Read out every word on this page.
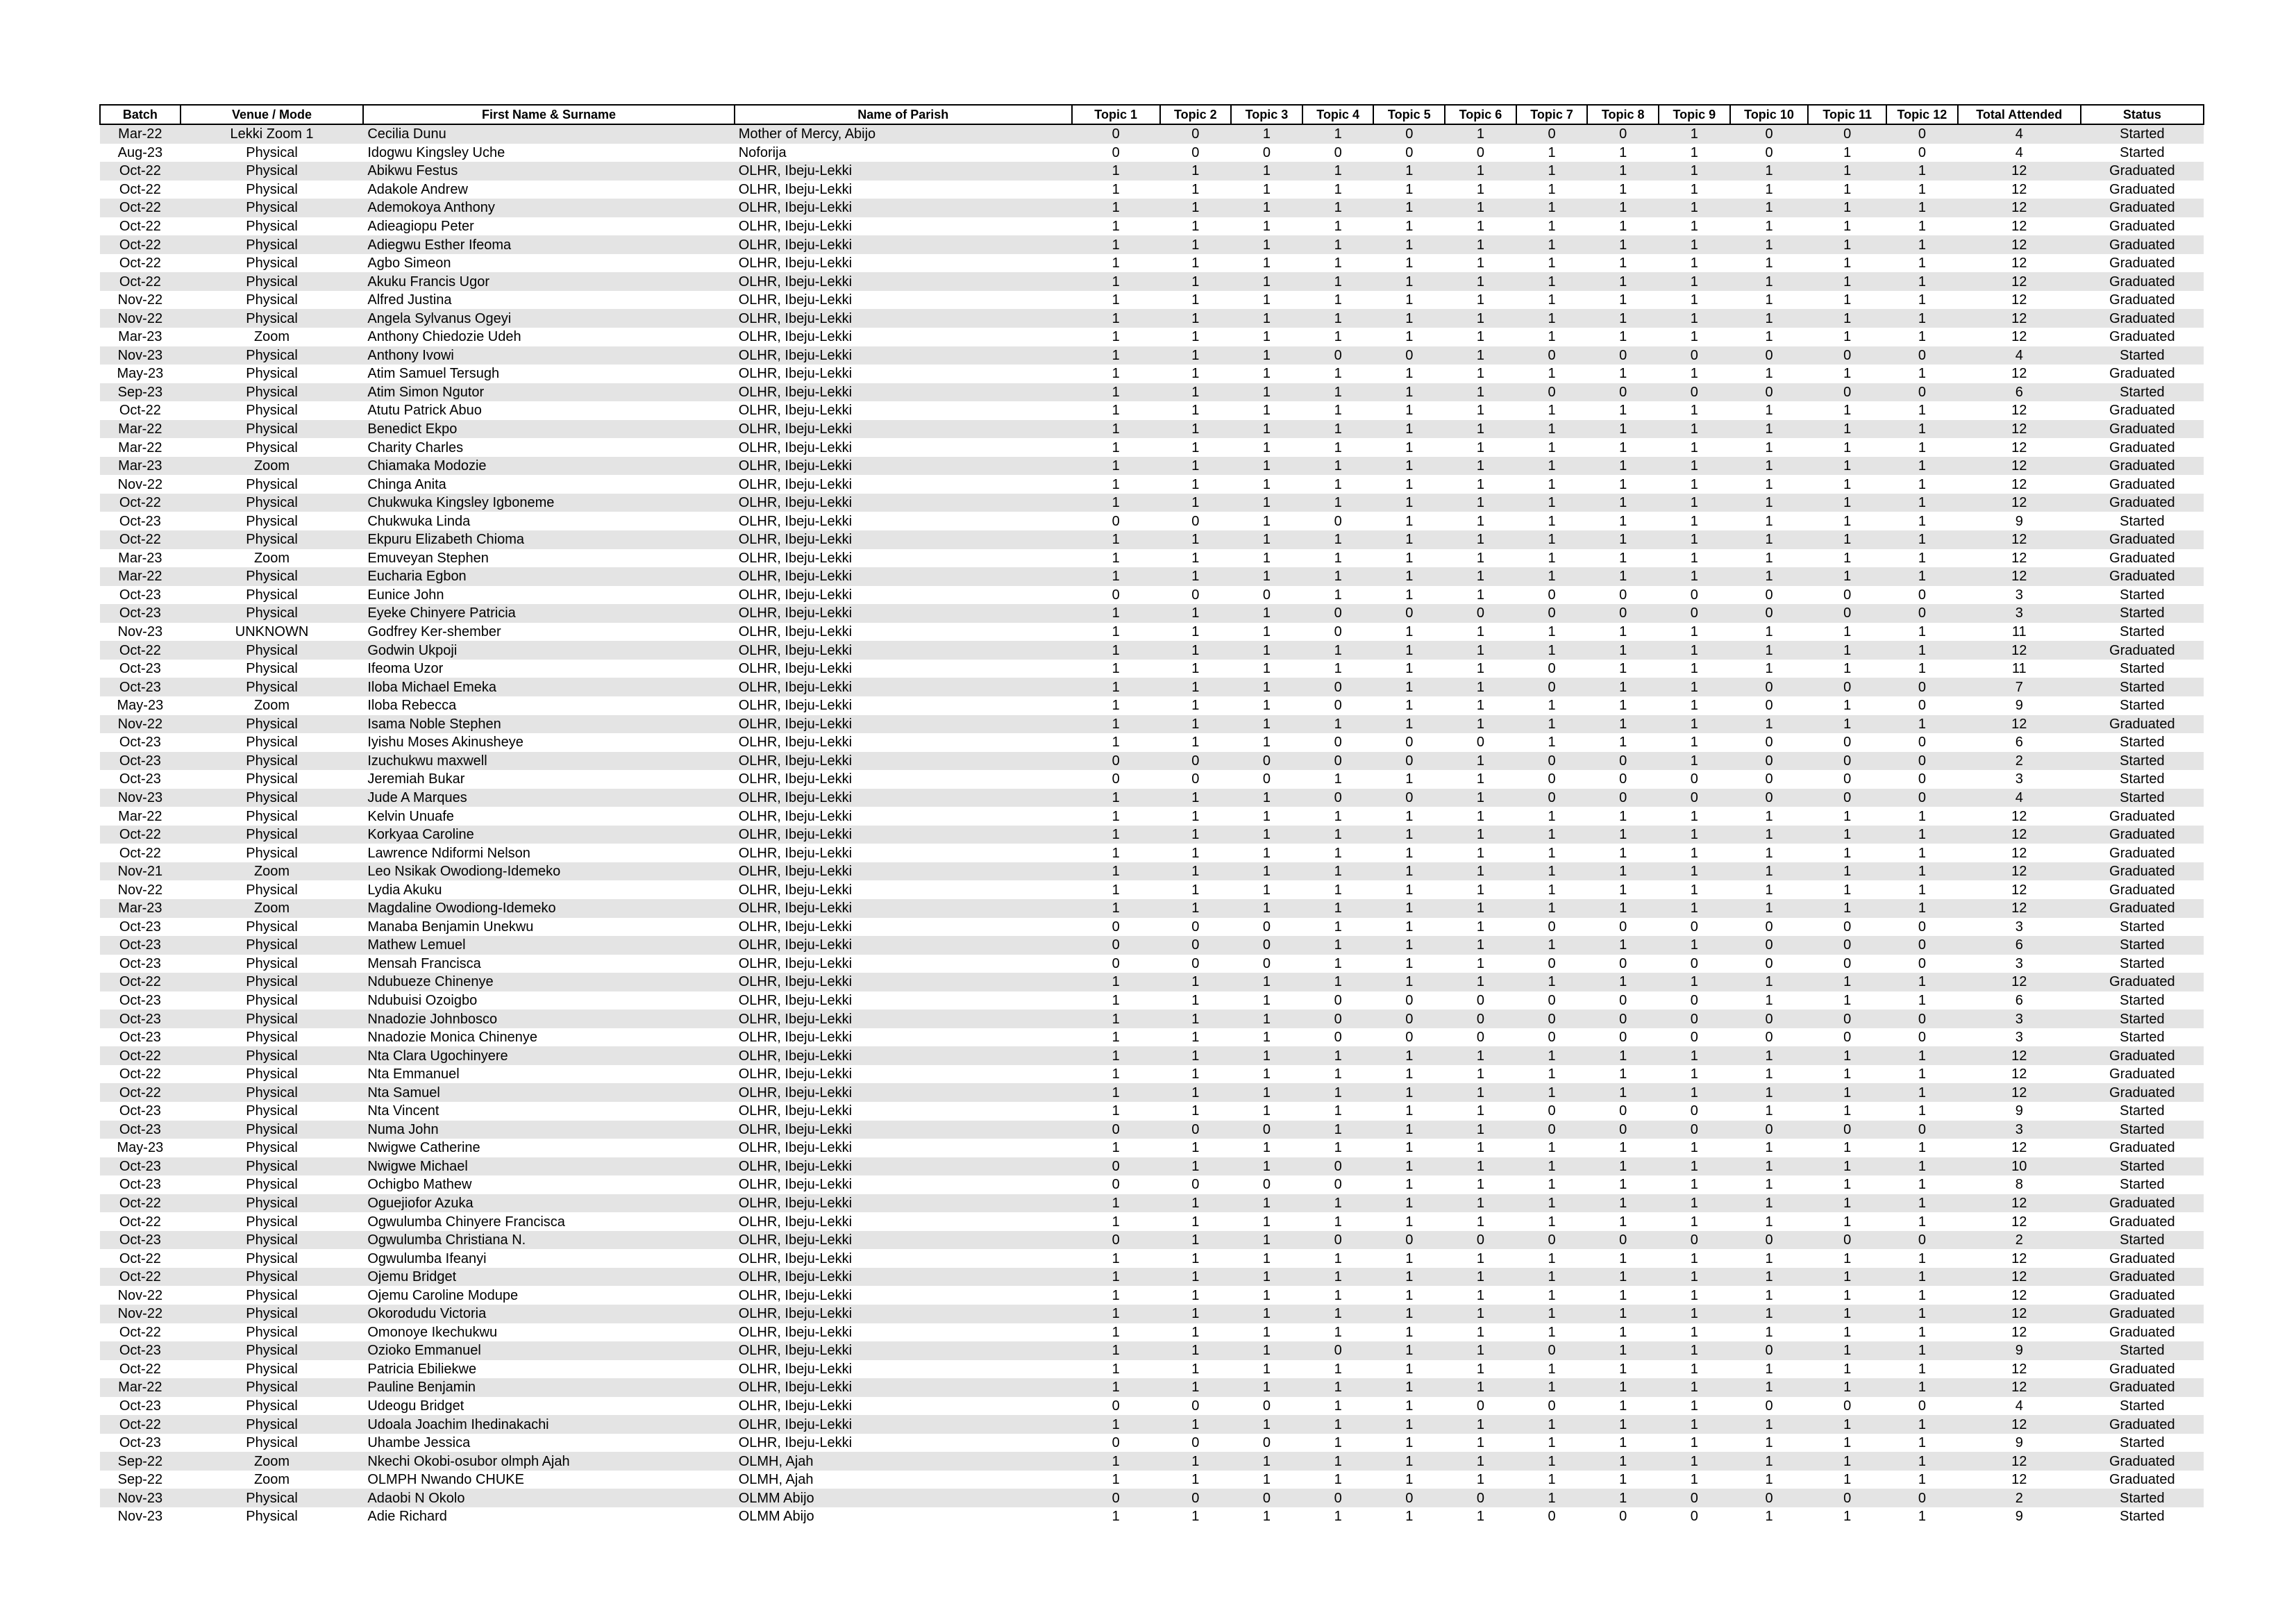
Batch	Venue / Mode	First Name & Surname	Name of Parish	Topic 1	Topic 2	Topic 3	Topic 4	Topic 5	Topic 6	Topic 7	Topic 8	Topic 9	Topic 10	Topic 11	Topic 12	Total Attended	Status
Mar-22	Lekki Zoom 1	Cecilia Dunu	Mother of Mercy, Abijo	0	0	1	1	0	1	0	0	1	0	0	0	4	Started
Aug-23	Physical	Idogwu Kingsley Uche	Noforija	0	0	0	0	0	0	1	1	1	0	1	0	4	Started
Oct-22	Physical	Abikwu Festus	OLHR, Ibeju-Lekki	1	1	1	1	1	1	1	1	1	1	1	1	12	Graduated
Oct-22	Physical	Adakole Andrew	OLHR, Ibeju-Lekki	1	1	1	1	1	1	1	1	1	1	1	1	12	Graduated
Oct-22	Physical	Ademokoya Anthony	OLHR, Ibeju-Lekki	1	1	1	1	1	1	1	1	1	1	1	1	12	Graduated
Oct-22	Physical	Adieagiopu Peter	OLHR, Ibeju-Lekki	1	1	1	1	1	1	1	1	1	1	1	1	12	Graduated
Oct-22	Physical	Adiegwu Esther Ifeoma	OLHR, Ibeju-Lekki	1	1	1	1	1	1	1	1	1	1	1	1	12	Graduated
Oct-22	Physical	Agbo Simeon	OLHR, Ibeju-Lekki	1	1	1	1	1	1	1	1	1	1	1	1	12	Graduated
Oct-22	Physical	Akuku Francis Ugor	OLHR, Ibeju-Lekki	1	1	1	1	1	1	1	1	1	1	1	1	12	Graduated
Nov-22	Physical	Alfred Justina	OLHR, Ibeju-Lekki	1	1	1	1	1	1	1	1	1	1	1	1	12	Graduated
Nov-22	Physical	Angela Sylvanus Ogeyi	OLHR, Ibeju-Lekki	1	1	1	1	1	1	1	1	1	1	1	1	12	Graduated
Mar-23	Zoom	Anthony Chiedozie Udeh	OLHR, Ibeju-Lekki	1	1	1	1	1	1	1	1	1	1	1	1	12	Graduated
Nov-23	Physical	Anthony Ivowi	OLHR, Ibeju-Lekki	1	1	1	0	0	1	0	0	0	0	0	0	4	Started
May-23	Physical	Atim Samuel Tersugh	OLHR, Ibeju-Lekki	1	1	1	1	1	1	1	1	1	1	1	1	12	Graduated
Sep-23	Physical	Atim Simon Ngutor	OLHR, Ibeju-Lekki	1	1	1	1	1	1	0	0	0	0	0	0	6	Started
Oct-22	Physical	Atutu Patrick Abuo	OLHR, Ibeju-Lekki	1	1	1	1	1	1	1	1	1	1	1	1	12	Graduated
Mar-22	Physical	Benedict Ekpo	OLHR, Ibeju-Lekki	1	1	1	1	1	1	1	1	1	1	1	1	12	Graduated
Mar-22	Physical	Charity Charles	OLHR, Ibeju-Lekki	1	1	1	1	1	1	1	1	1	1	1	1	12	Graduated
Mar-23	Zoom	Chiamaka Modozie	OLHR, Ibeju-Lekki	1	1	1	1	1	1	1	1	1	1	1	1	12	Graduated
Nov-22	Physical	Chinga Anita	OLHR, Ibeju-Lekki	1	1	1	1	1	1	1	1	1	1	1	1	12	Graduated
Oct-22	Physical	Chukwuka Kingsley Igboneme	OLHR, Ibeju-Lekki	1	1	1	1	1	1	1	1	1	1	1	1	12	Graduated
Oct-23	Physical	Chukwuka Linda	OLHR, Ibeju-Lekki	0	0	1	0	1	1	1	1	1	1	1	1	9	Started
Oct-22	Physical	Ekpuru Elizabeth Chioma	OLHR, Ibeju-Lekki	1	1	1	1	1	1	1	1	1	1	1	1	12	Graduated
Mar-23	Zoom	Emuveyan Stephen	OLHR, Ibeju-Lekki	1	1	1	1	1	1	1	1	1	1	1	1	12	Graduated
Mar-22	Physical	Eucharia Egbon	OLHR, Ibeju-Lekki	1	1	1	1	1	1	1	1	1	1	1	1	12	Graduated
Oct-23	Physical	Eunice John	OLHR, Ibeju-Lekki	0	0	0	1	1	1	0	0	0	0	0	0	3	Started
Oct-23	Physical	Eyeke Chinyere Patricia	OLHR, Ibeju-Lekki	1	1	1	0	0	0	0	0	0	0	0	0	3	Started
Nov-23	UNKNOWN	Godfrey Ker-shember	OLHR, Ibeju-Lekki	1	1	1	0	1	1	1	1	1	1	1	1	11	Started
Oct-22	Physical	Godwin Ukpoji	OLHR, Ibeju-Lekki	1	1	1	1	1	1	1	1	1	1	1	1	12	Graduated
Oct-23	Physical	Ifeoma Uzor	OLHR, Ibeju-Lekki	1	1	1	1	1	1	0	1	1	1	1	1	11	Started
Oct-23	Physical	Iloba Michael Emeka	OLHR, Ibeju-Lekki	1	1	1	0	1	1	0	1	1	0	0	0	7	Started
May-23	Zoom	Iloba Rebecca	OLHR, Ibeju-Lekki	1	1	1	0	1	1	1	1	1	0	1	0	9	Started
Nov-22	Physical	Isama Noble Stephen	OLHR, Ibeju-Lekki	1	1	1	1	1	1	1	1	1	1	1	1	12	Graduated
Oct-23	Physical	Iyishu Moses Akinusheye	OLHR, Ibeju-Lekki	1	1	1	0	0	0	1	1	1	0	0	0	6	Started
Oct-23	Physical	Izuchukwu maxwell	OLHR, Ibeju-Lekki	0	0	0	0	0	1	0	0	1	0	0	0	2	Started
Oct-23	Physical	Jeremiah Bukar	OLHR, Ibeju-Lekki	0	0	0	1	1	1	0	0	0	0	0	0	3	Started
Nov-23	Physical	Jude A Marques	OLHR, Ibeju-Lekki	1	1	1	0	0	1	0	0	0	0	0	0	4	Started
Mar-22	Physical	Kelvin Unuafe	OLHR, Ibeju-Lekki	1	1	1	1	1	1	1	1	1	1	1	1	12	Graduated
Oct-22	Physical	Korkyaa Caroline	OLHR, Ibeju-Lekki	1	1	1	1	1	1	1	1	1	1	1	1	12	Graduated
Oct-22	Physical	Lawrence Ndiformi Nelson	OLHR, Ibeju-Lekki	1	1	1	1	1	1	1	1	1	1	1	1	12	Graduated
Nov-21	Zoom	Leo Nsikak Owodiong-Idemeko	OLHR, Ibeju-Lekki	1	1	1	1	1	1	1	1	1	1	1	1	12	Graduated
Nov-22	Physical	Lydia Akuku	OLHR, Ibeju-Lekki	1	1	1	1	1	1	1	1	1	1	1	1	12	Graduated
Mar-23	Zoom	Magdaline Owodiong-Idemeko	OLHR, Ibeju-Lekki	1	1	1	1	1	1	1	1	1	1	1	1	12	Graduated
Oct-23	Physical	Manaba Benjamin Unekwu	OLHR, Ibeju-Lekki	0	0	0	1	1	1	0	0	0	0	0	0	3	Started
Oct-23	Physical	Mathew Lemuel	OLHR, Ibeju-Lekki	0	0	0	1	1	1	1	1	1	0	0	0	6	Started
Oct-23	Physical	Mensah Francisca	OLHR, Ibeju-Lekki	0	0	0	1	1	1	0	0	0	0	0	0	3	Started
Oct-22	Physical	Ndubueze Chinenye	OLHR, Ibeju-Lekki	1	1	1	1	1	1	1	1	1	1	1	1	12	Graduated
Oct-23	Physical	Ndubuisi Ozoigbo	OLHR, Ibeju-Lekki	1	1	1	0	0	0	0	0	0	1	1	1	6	Started
Oct-23	Physical	Nnadozie Johnbosco	OLHR, Ibeju-Lekki	1	1	1	0	0	0	0	0	0	0	0	0	3	Started
Oct-23	Physical	Nnadozie Monica Chinenye	OLHR, Ibeju-Lekki	1	1	1	0	0	0	0	0	0	0	0	0	3	Started
Oct-22	Physical	Nta Clara Ugochinyere	OLHR, Ibeju-Lekki	1	1	1	1	1	1	1	1	1	1	1	1	12	Graduated
Oct-22	Physical	Nta Emmanuel	OLHR, Ibeju-Lekki	1	1	1	1	1	1	1	1	1	1	1	1	12	Graduated
Oct-22	Physical	Nta Samuel	OLHR, Ibeju-Lekki	1	1	1	1	1	1	1	1	1	1	1	1	12	Graduated
Oct-23	Physical	Nta Vincent	OLHR, Ibeju-Lekki	1	1	1	1	1	1	0	0	0	1	1	1	9	Started
Oct-23	Physical	Numa John	OLHR, Ibeju-Lekki	0	0	0	1	1	1	0	0	0	0	0	0	3	Started
May-23	Physical	Nwigwe Catherine	OLHR, Ibeju-Lekki	1	1	1	1	1	1	1	1	1	1	1	1	12	Graduated
Oct-23	Physical	Nwigwe Michael	OLHR, Ibeju-Lekki	0	1	1	0	1	1	1	1	1	1	1	1	10	Started
Oct-23	Physical	Ochigbo Mathew	OLHR, Ibeju-Lekki	0	0	0	0	1	1	1	1	1	1	1	1	8	Started
Oct-22	Physical	Oguejiofor Azuka	OLHR, Ibeju-Lekki	1	1	1	1	1	1	1	1	1	1	1	1	12	Graduated
Oct-22	Physical	Ogwulumba Chinyere Francisca	OLHR, Ibeju-Lekki	1	1	1	1	1	1	1	1	1	1	1	1	12	Graduated
Oct-23	Physical	Ogwulumba Christiana N.	OLHR, Ibeju-Lekki	0	1	1	0	0	0	0	0	0	0	0	0	2	Started
Oct-22	Physical	Ogwulumba Ifeanyi	OLHR, Ibeju-Lekki	1	1	1	1	1	1	1	1	1	1	1	1	12	Graduated
Oct-22	Physical	Ojemu Bridget	OLHR, Ibeju-Lekki	1	1	1	1	1	1	1	1	1	1	1	1	12	Graduated
Nov-22	Physical	Ojemu Caroline Modupe	OLHR, Ibeju-Lekki	1	1	1	1	1	1	1	1	1	1	1	1	12	Graduated
Nov-22	Physical	Okorodudu Victoria	OLHR, Ibeju-Lekki	1	1	1	1	1	1	1	1	1	1	1	1	12	Graduated
Oct-22	Physical	Omonoye Ikechukwu	OLHR, Ibeju-Lekki	1	1	1	1	1	1	1	1	1	1	1	1	12	Graduated
Oct-23	Physical	Ozioko Emmanuel	OLHR, Ibeju-Lekki	1	1	1	0	1	1	0	1	1	0	1	1	9	Started
Oct-22	Physical	Patricia Ebiliekwe	OLHR, Ibeju-Lekki	1	1	1	1	1	1	1	1	1	1	1	1	12	Graduated
Mar-22	Physical	Pauline Benjamin	OLHR, Ibeju-Lekki	1	1	1	1	1	1	1	1	1	1	1	1	12	Graduated
Oct-23	Physical	Udeogu Bridget	OLHR, Ibeju-Lekki	0	0	0	1	1	0	0	1	1	0	0	0	4	Started
Oct-22	Physical	Udoala Joachim Ihedinakachi	OLHR, Ibeju-Lekki	1	1	1	1	1	1	1	1	1	1	1	1	12	Graduated
Oct-23	Physical	Uhambe Jessica	OLHR, Ibeju-Lekki	0	0	0	1	1	1	1	1	1	1	1	1	9	Started
Sep-22	Zoom	Nkechi Okobi-osubor olmph Ajah	OLMH, Ajah	1	1	1	1	1	1	1	1	1	1	1	1	12	Graduated
Sep-22	Zoom	OLMPH Nwando CHUKE	OLMH, Ajah	1	1	1	1	1	1	1	1	1	1	1	1	12	Graduated
Nov-23	Physical	Adaobi N Okolo	OLMM Abijo	0	0	0	0	0	0	1	1	0	0	0	0	2	Started
Nov-23	Physical	Adie Richard	OLMM Abijo	1	1	1	1	1	1	0	0	0	1	1	1	9	Started
